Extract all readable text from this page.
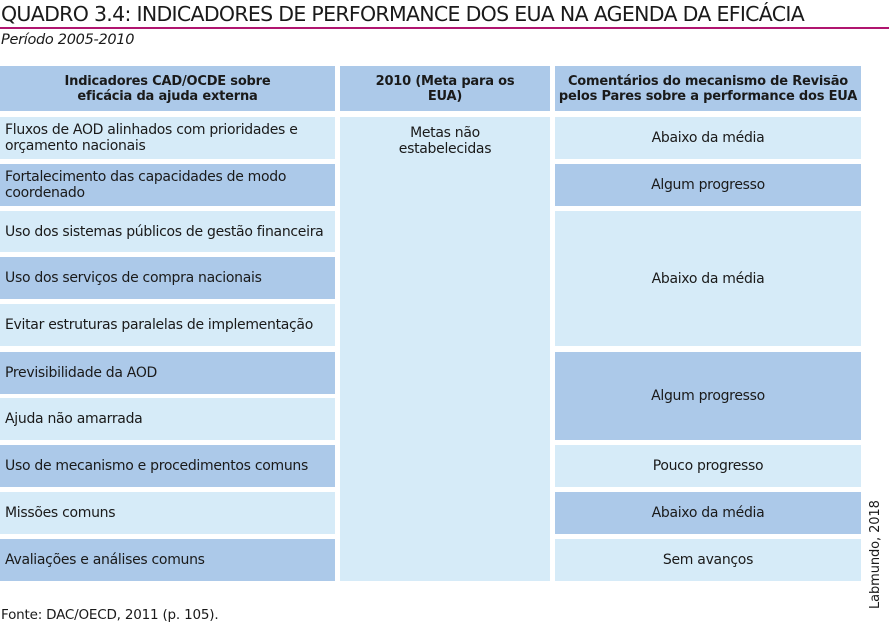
QUADRO 3.4: INDICADORES DE PERFORMANCE DOS EUA NA AGENDA DA EFICÁCIA
Período 2005-2010
Indicadores CAD/OCDE sobre eficácia da ajuda externa
2010 (Meta para os EUA)
Comentários do mecanismo de Revisão pelos Pares sobre a performance dos EUA
Fluxos de AOD alinhados com prioridades e orçamento nacionais
Fortalecimento das capacidades de modo coordenado
Uso dos sistemas públicos de gestão financeira
Uso dos serviços de compra nacionais
Evitar estruturas paralelas de implementação
Previsibilidade da AOD
Ajuda não amarrada
Uso de mecanismo e procedimentos comuns
Missões comuns
Avaliações e análises comuns
Metas não estabelecidas
Abaixo da média
Algum progresso
Abaixo da média
Algum progresso
Pouco progresso
Abaixo da média
Sem avanços
Fonte: DAC/OECD, 2011 (p. 105).
Labmundo, 2018
